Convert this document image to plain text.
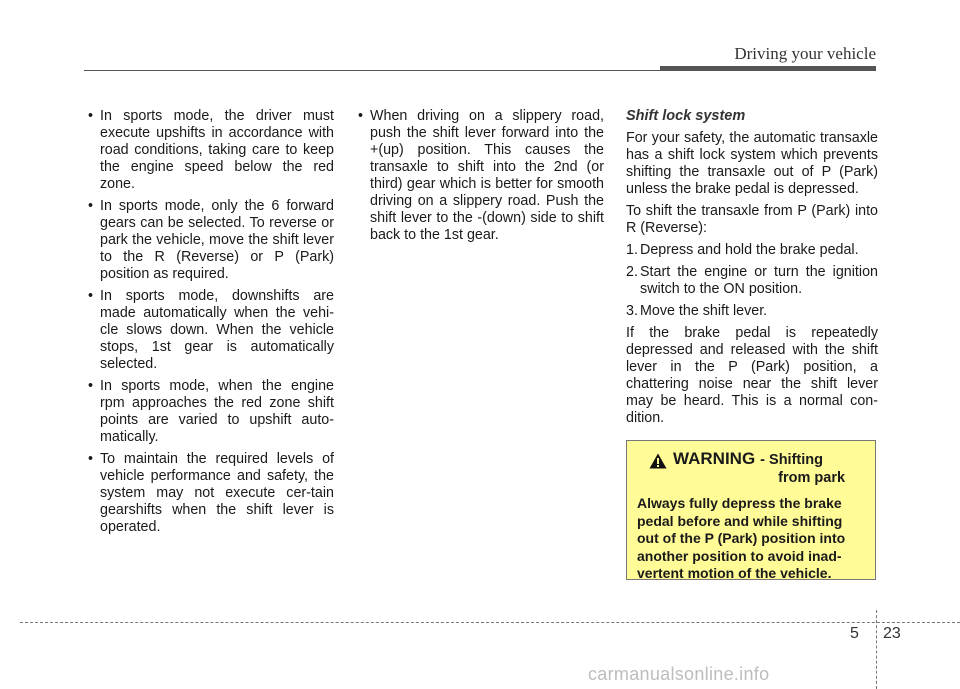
Driving your vehicle
• In sports mode, the driver must execute upshifts in accordance with road conditions, taking care to keep the engine speed below the red zone.
• In sports mode, only the 6 forward gears can be selected. To reverse or park the vehicle, move the shift lever to the R (Reverse) or P (Park) position as required.
• In sports mode, downshifts are made automatically when the vehi-cle slows down. When the vehicle stops, 1st gear is automatically selected.
• In sports mode, when the engine rpm approaches the red zone shift points are varied to upshift auto-matically.
• To maintain the required levels of vehicle performance and safety, the system may not execute cer-tain gearshifts when the shift lever is operated.
• When driving on a slippery road, push the shift lever forward into the +(up) position. This causes the transaxle to shift into the 2nd (or third) gear which is better for smooth driving on a slippery road. Push the shift lever to the -(down) side to shift back to the 1st gear.
Shift lock system

For your safety, the automatic transaxle has a shift lock system which prevents shifting the transaxle out of P (Park) unless the brake pedal is depressed.

To shift the transaxle from P (Park) into R (Reverse):

1. Depress and hold the brake pedal.
2. Start the engine or turn the ignition switch to the ON position.
3. Move the shift lever.

If the brake pedal is repeatedly depressed and released with the shift lever in the P (Park) position, a chattering noise near the shift lever may be heard. This is a normal con-dition.

WARNING - Shifting
from park
Always fully depress the brake pedal before and while shifting out of the P (Park) position into another position to avoid inad-vertent motion of the vehicle.
5 23
carmanualsonline.info
